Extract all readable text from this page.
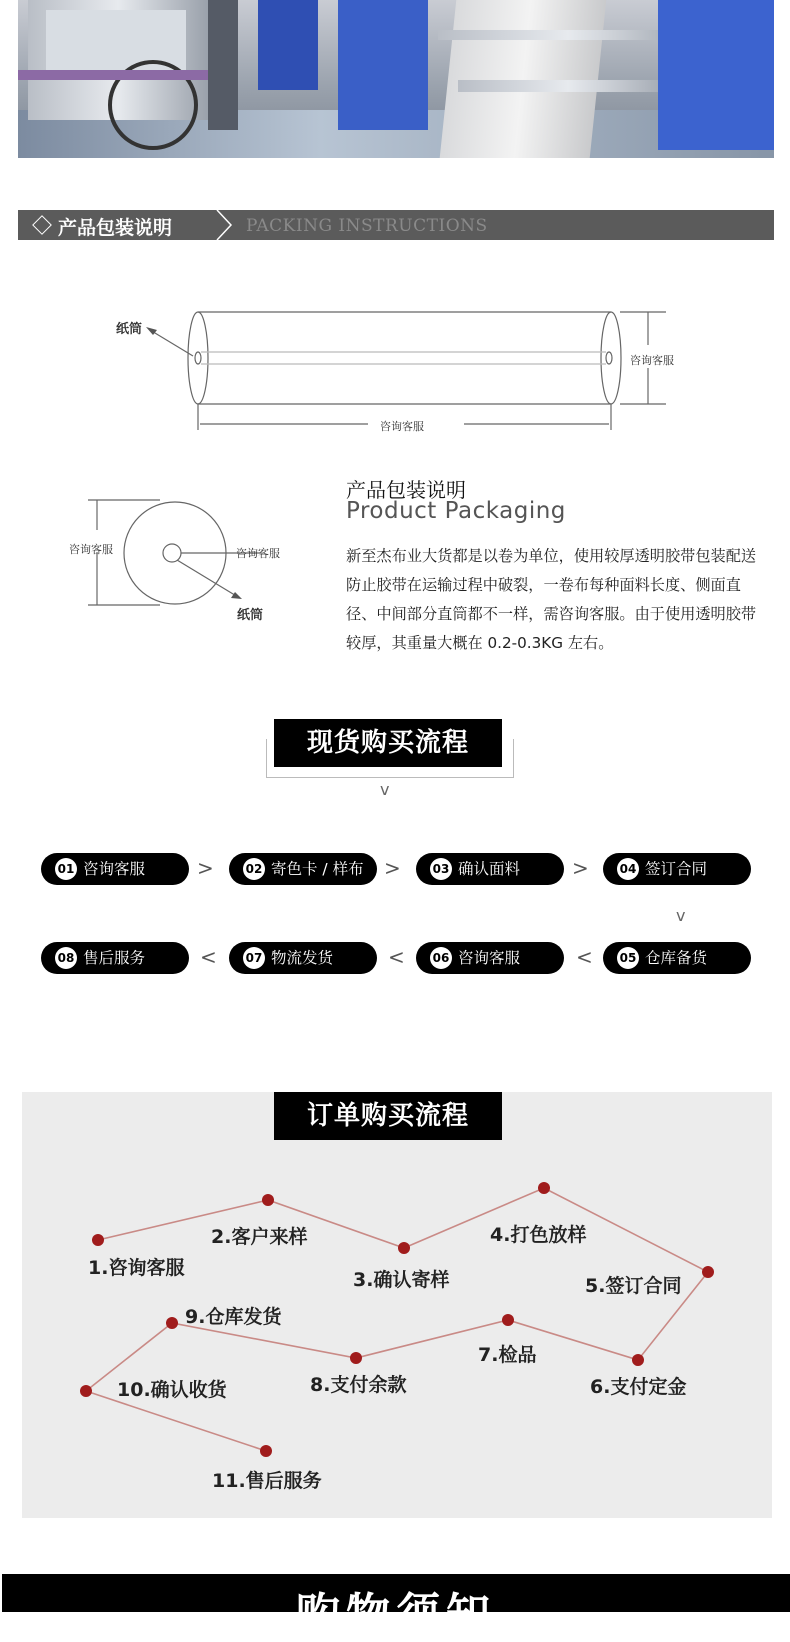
产品包装说明	PACKING INSTRUCTIONS
纸筒
咨询客服
咨询客服
咨询客服	咨询客服
纸筒
产品包装说明
Product Packaging
新至杰布业大货都是以卷为单位，使用较厚透明胶带包装配送防止胶带在运输过程中破裂，一卷布每种面料长度、侧面直径、中间部分直筒都不一样，需咨询客服。由于使用透明胶带较厚，其重量大概在 0.2-0.3KG 左右。
现货购买流程
v
01 咨询客服	>	02 寄色卡 / 样布 >	03 确认面料	>	04 签订合同
v
08 售后服务	< 07 物流发货	< 06 咨询客服	< 05 仓库备货
订单购买流程
1.咨询客服
2.客户来样
3.确认寄样
4.打色放样
5.签订合同
6.支付定金
7.检品
8.支付余款
9.仓库发货
10.确认收货
11.售后服务
购物须知
